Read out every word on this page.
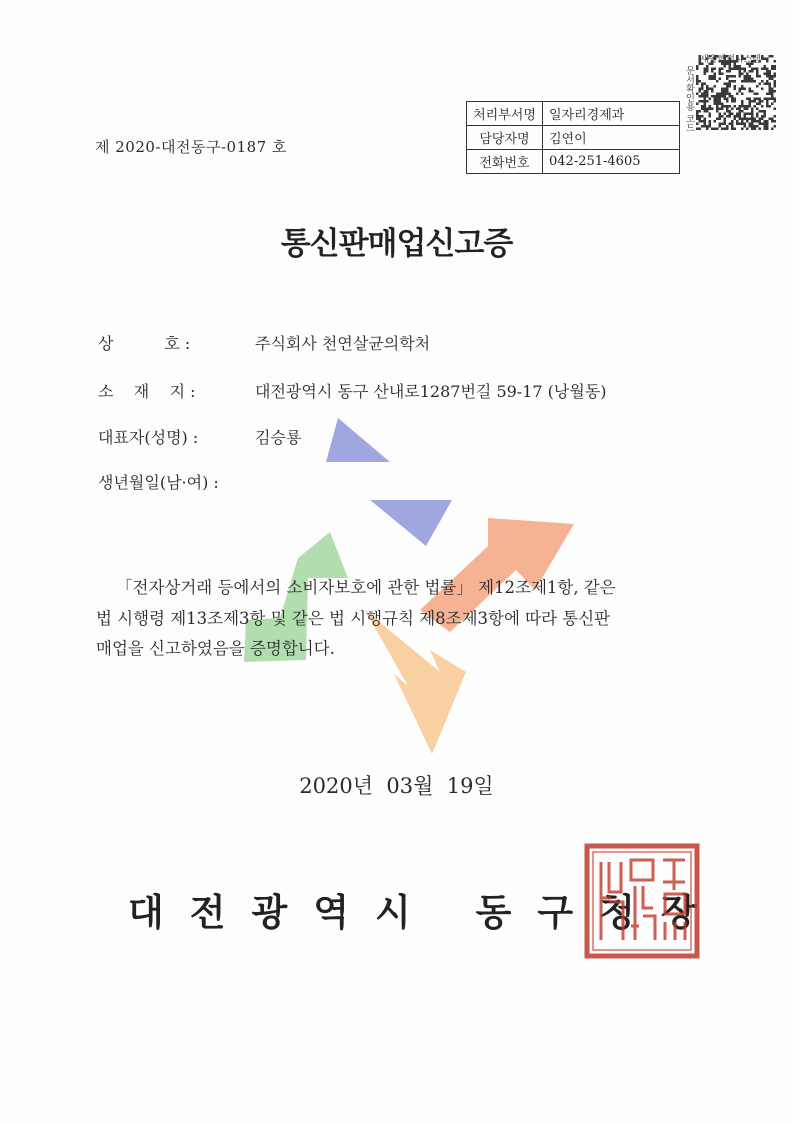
문서확인용 코드
처리부서명	일자리경제과
담당자명	김연이
전화번호	042-251-4605
제 2020-대전동구-0187 호
통신판매업신고증
상          호 :	주식회사 천연살균의학처
소    재    지 :	대전광역시 동구 산내로1287번길 59-17 (낭월동)
대표자(성명) :	김승룡
생년월일(남·여) :
「전자상거래 등에서의 소비자보호에 관한 법률」 제12조제1항, 같은
법 시행령 제13조제3항 및 같은 법 시행규칙 제8조제3항에 따라 통신판
매업을 신고하였음을 증명합니다.
2020년  03월  19일
대전광역시 동구청장
